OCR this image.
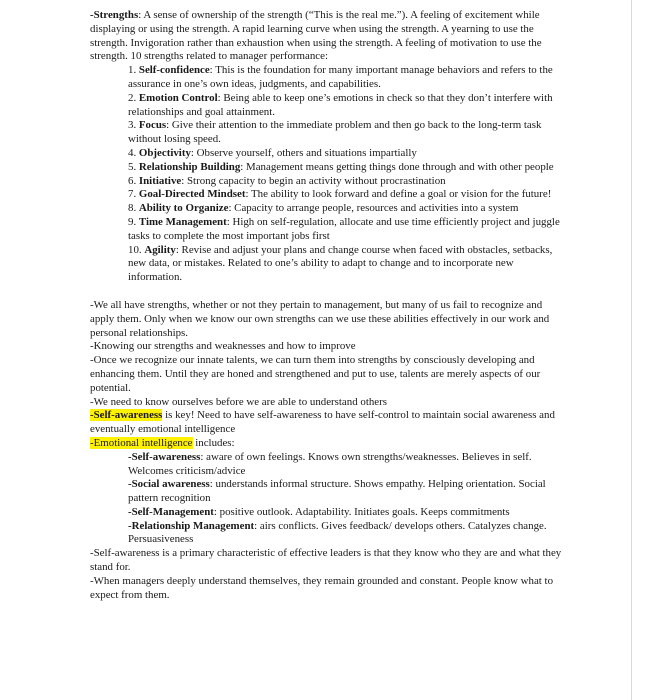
-Strengths: A sense of ownership of the strength (“This is the real me.”). A feeling of excitement while displaying or using the strength. A rapid learning curve when using the strength. A yearning to use the strength. Invigoration rather than exhaustion when using the strength. A feeling of motivation to use the strength. 10 strengths related to manager performance:

1. Self-confidence: This is the foundation for many important manage behaviors and refers to the assurance in one’s own ideas, judgments, and capabilities.

2. Emotion Control: Being able to keep one’s emotions in check so that they don’t interfere with relationships and goal attainment.

3. Focus: Give their attention to the immediate problem and then go back to the long-term task without losing speed.

4. Objectivity: Observe yourself, others and situations impartially

5. Relationship Building: Management means getting things done through and with other people

6. Initiative: Strong capacity to begin an activity without procrastination

7. Goal-Directed Mindset: The ability to look forward and define a goal or vision for the future!

8. Ability to Organize: Capacity to arrange people, resources and activities into a system

9. Time Management: High on self-regulation, allocate and use time efficiently project and juggle tasks to complete the most important jobs first

10. Agility: Revise and adjust your plans and change course when faced with obstacles, setbacks, new data, or mistakes. Related to one’s ability to adapt to change and to incorporate new information.

-We all have strengths, whether or not they pertain to management, but many of us fail to recognize and apply them. Only when we know our own strengths can we use these abilities effectively in our work and personal relationships.

-Knowing our strengths and weaknesses and how to improve

-Once we recognize our innate talents, we can turn them into strengths by consciously developing and enhancing them. Until they are honed and strengthened and put to use, talents are merely aspects of our potential.

-We need to know ourselves before we are able to understand others

-Self-awareness is key! Need to have self-awareness to have self-control to maintain social awareness and eventually emotional intelligence

-Emotional intelligence includes:

-Self-awareness: aware of own feelings. Knows own strengths/weaknesses. Believes in self. Welcomes criticism/advice

-Social awareness: understands informal structure. Shows empathy. Helping orientation. Social pattern recognition

-Self-Management: positive outlook. Adaptability. Initiates goals. Keeps commitments

-Relationship Management: airs conflicts. Gives feedback/ develops others. Catalyzes change. Persuasiveness

-Self-awareness is a primary characteristic of effective leaders is that they know who they are and what they stand for.

-When managers deeply understand themselves, they remain grounded and constant. People know what to expect from them.
